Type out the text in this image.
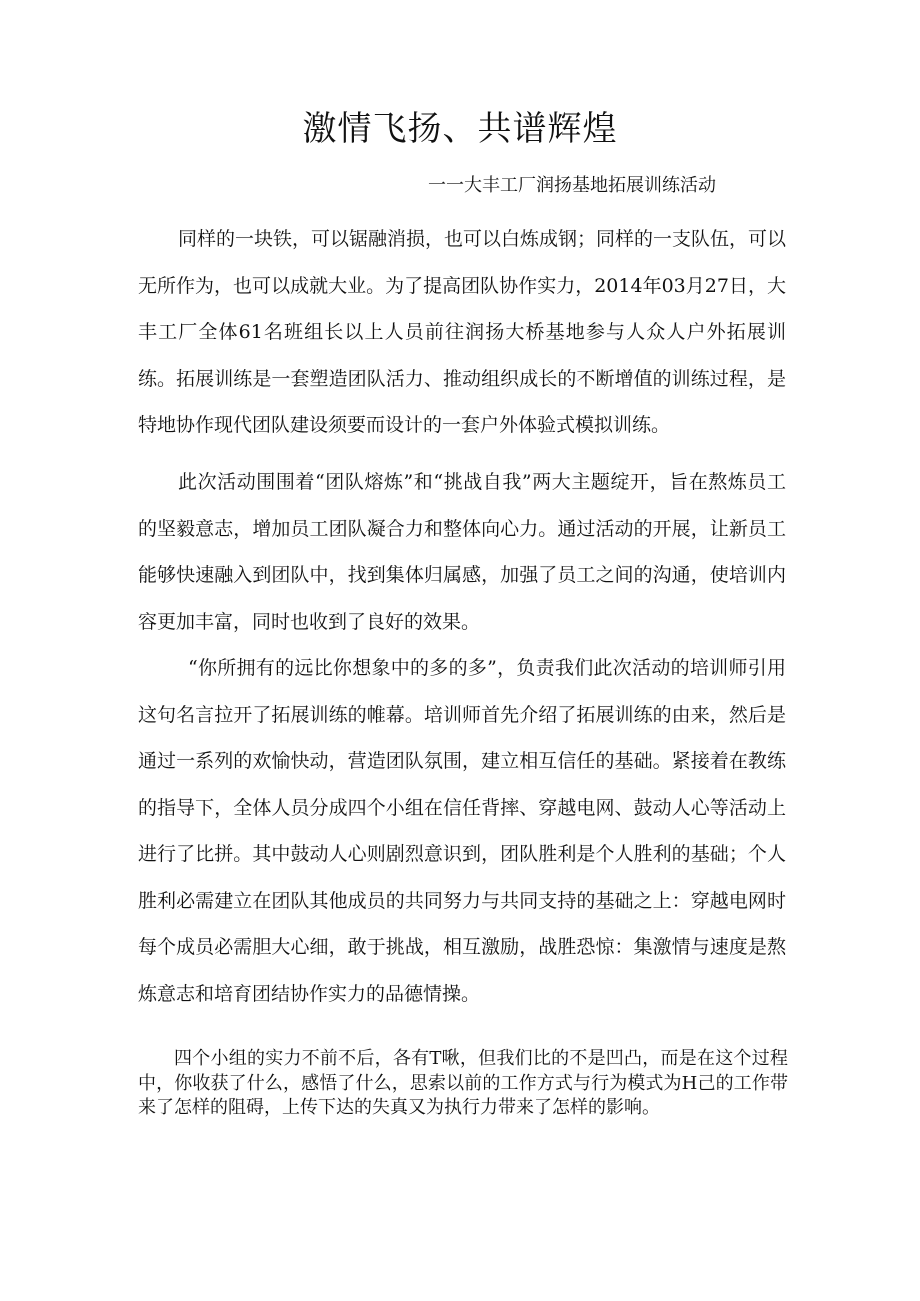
激情飞扬、共谱辉煌
一一大丰工厂润扬基地拓展训练活动

同样的一块铁，可以锯融消损，也可以白炼成钢；同样的一支队伍，可以无所作为，也可以成就大业。为了提高团队协作实力，2014年03月27日，大丰工厂全体61名班组长以上人员前往润扬大桥基地参与人众人户外拓展训练。拓展训练是一套塑造团队活力、推动组织成长的不断增值的训练过程，是特地协作现代团队建设须要而设计的一套户外体验式模拟训练。

此次活动围围着“团队熔炼”和“挑战自我”两大主题绽开，旨在熬炼员工的坚毅意志，增加员工团队凝合力和整体向心力。通过活动的开展，让新员工能够快速融入到团队中，找到集体归属感，加强了员工之间的沟通，使培训内容更加丰富，同时也收到了良好的效果。

“你所拥有的远比你想象中的多的多”，负责我们此次活动的培训师引用这句名言拉开了拓展训练的帷幕。培训师首先介绍了拓展训练的由来，然后是通过一系列的欢愉快动，营造团队氛围，建立相互信任的基础。紧接着在教练的指导下，全体人员分成四个小组在信任背摔、穿越电网、鼓动人心等活动上进行了比拼。其中鼓动人心则剧烈意识到，团队胜利是个人胜利的基础；个人胜利必需建立在团队其他成员的共同努力与共同支持的基础之上：穿越电网时每个成员必需胆大心细，敢于挑战，相互激励，战胜恐惊：集激情与速度是熬炼意志和培育团结协作实力的品德情操。

四个小组的实力不前不后，各有T啾，但我们比的不是凹凸，而是在这个过程中，你收获了什么，感悟了什么，思索以前的工作方式与行为模式为H己的工作带来了怎样的阻碍，上传下达的失真又为执行力带来了怎样的影响。
